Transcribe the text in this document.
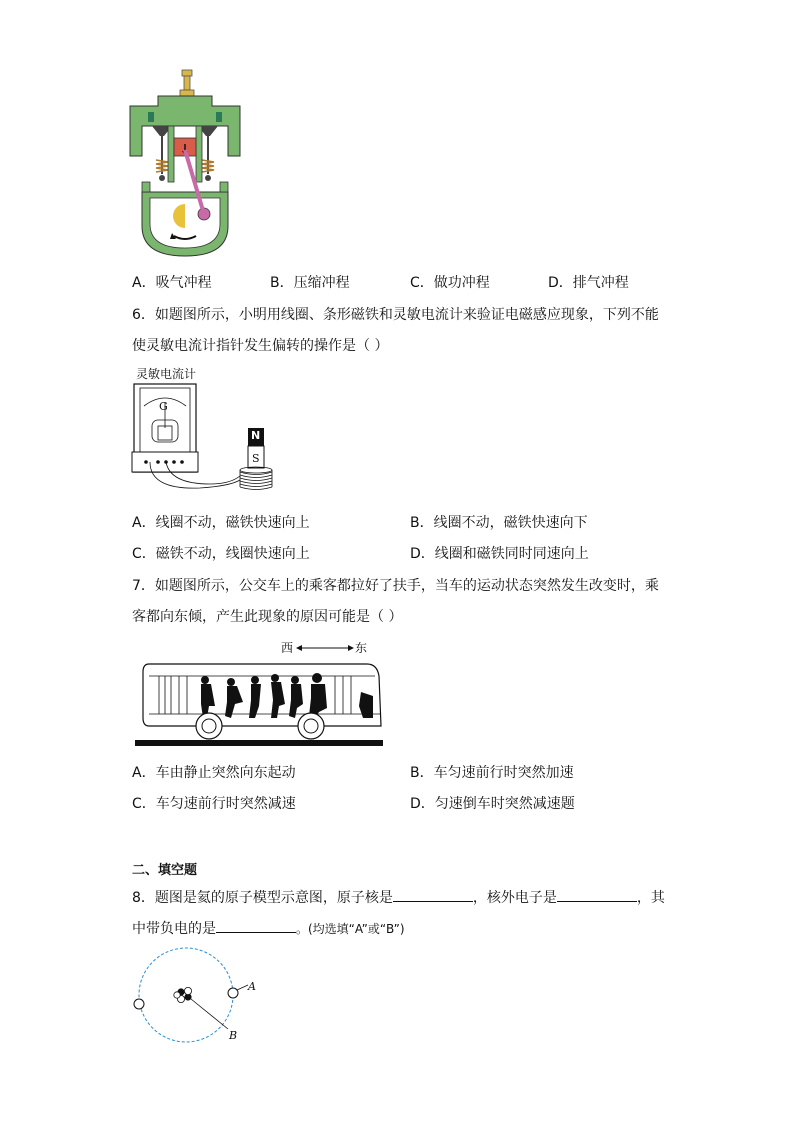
A．吸气冲程	B．压缩冲程	C．做功冲程	D．排气冲程
6．如题图所示，小明用线圈、条形磁铁和灵敏电流计来验证电磁感应现象，下列不能
使灵敏电流计指针发生偏转的操作是（ ）
灵敏电流计
G
N
S
A．线圈不动，磁铁快速向上	B．线圈不动，磁铁快速向下
C．磁铁不动，线圈快速向上	D．线圈和磁铁同时同速向上
7．如题图所示，公交车上的乘客都拉好了扶手，当车的运动状态突然发生改变时，乘
客都向东倾，产生此现象的原因可能是（ ）
西	东
A．车由静止突然向东起动	B．车匀速前行时突然加速
C．车匀速前行时突然减速	D．匀速倒车时突然减速题
二、填空题
8．题图是氦的原子模型示意图，原子核是	，核外电子是	，其
中带负电的是	。(均选填“A”或“B”)
A
B
